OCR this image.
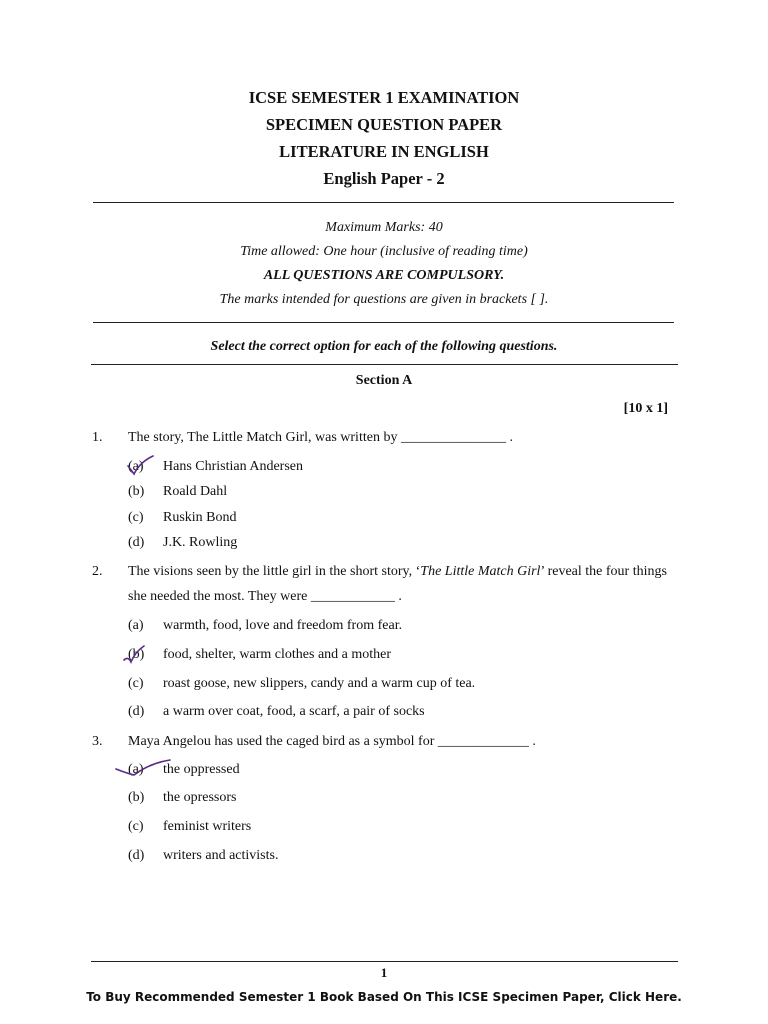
ICSE SEMESTER 1 EXAMINATION
SPECIMEN QUESTION PAPER
LITERATURE IN ENGLISH
English Paper - 2
Maximum Marks: 40
Time allowed: One hour (inclusive of reading time)
ALL QUESTIONS ARE COMPULSORY.
The marks intended for questions are given in brackets [ ].
Select the correct option for each of the following questions.
Section A
[10 x 1]
1. The story, The Little Match Girl, was written by _______________ .
(a) Hans Christian Andersen
(b) Roald Dahl
(c) Ruskin Bond
(d) J.K. Rowling
2. The visions seen by the little girl in the short story, ‘The Little Match Girl’ reveal the four things she needed the most. They were ____________ .
(a) warmth, food, love and freedom from fear.
(b) food, shelter, warm clothes and a mother
(c) roast goose, new slippers, candy and a warm cup of tea.
(d) a warm over coat, food, a scarf, a pair of socks
3. Maya Angelou has used the caged bird as a symbol for _____________ .
(a) the oppressed
(b) the opressors
(c) feminist writers
(d) writers and activists.
1
To Buy Recommended Semester 1 Book Based On This ICSE Specimen Paper, Click Here.
